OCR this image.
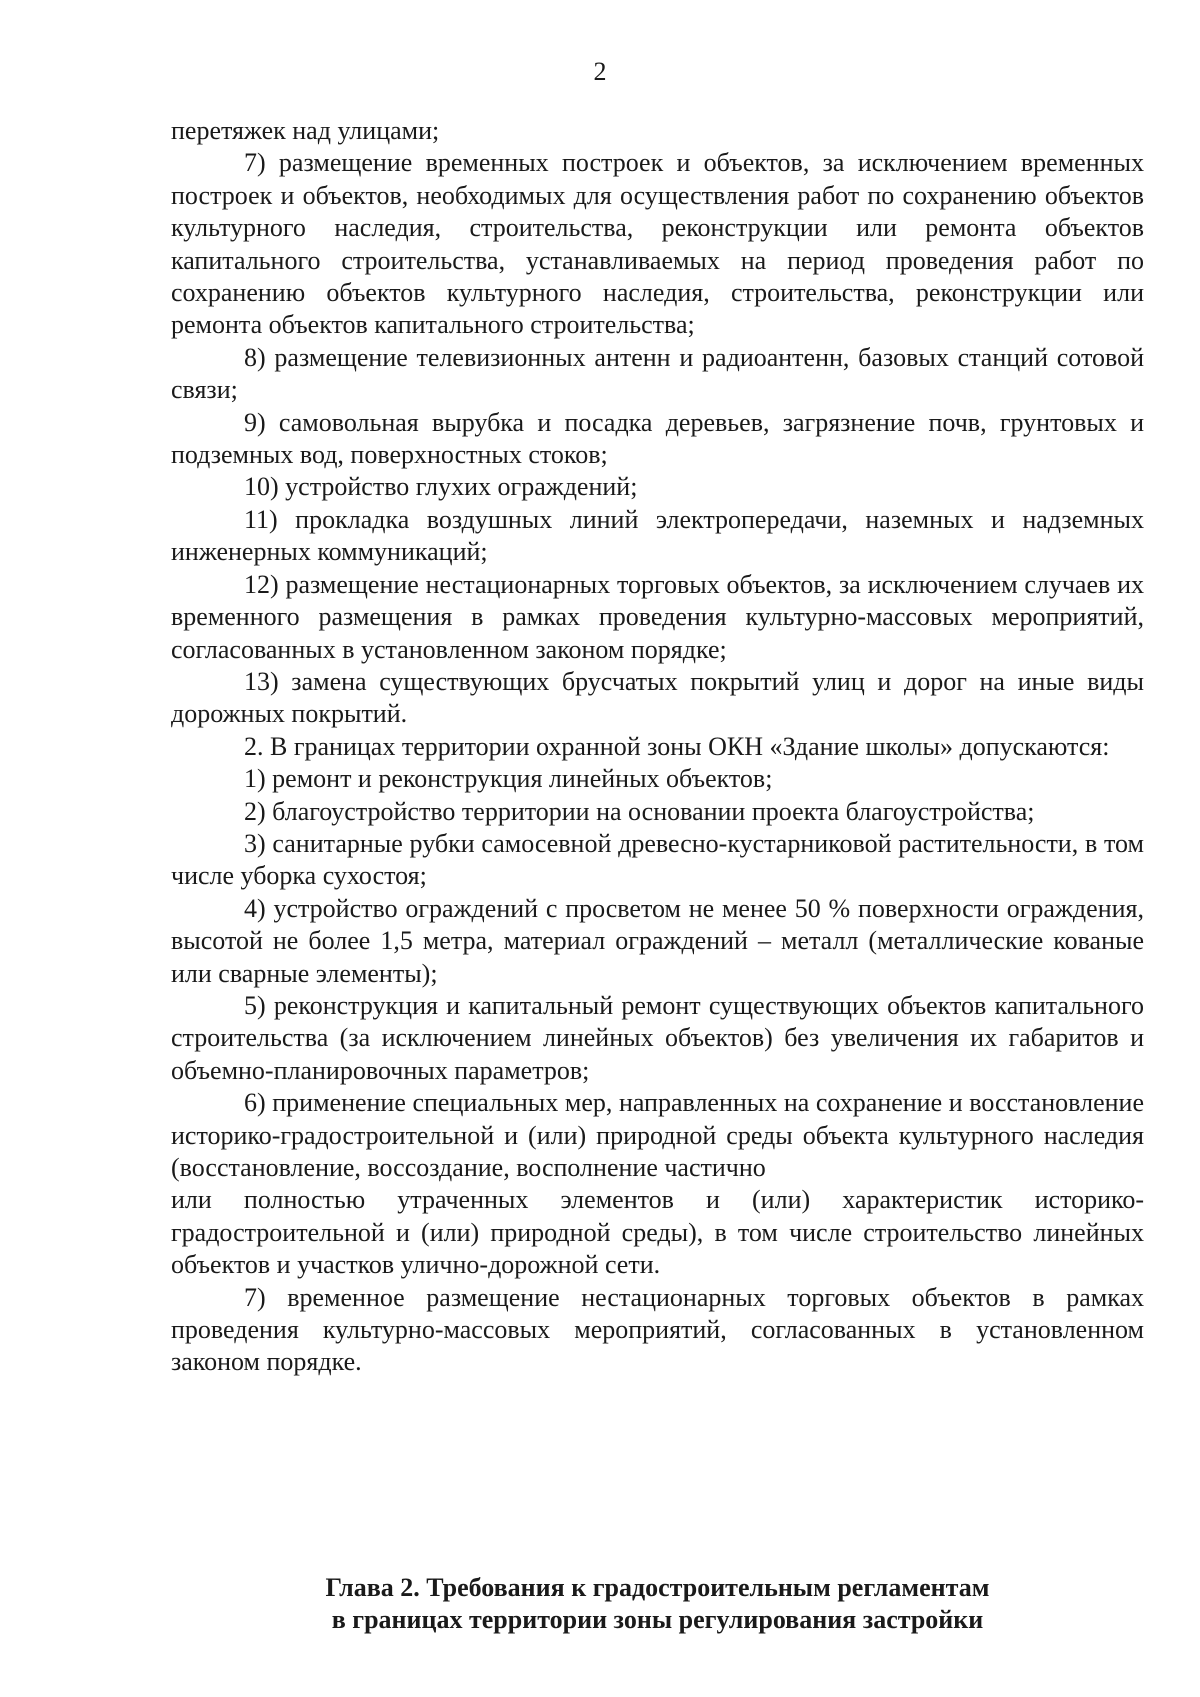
2

перетяжек над улицами;

7) размещение временных построек и объектов, за исключением временных построек и объектов, необходимых для осуществления работ по сохранению объектов культурного наследия, строительства, реконструкции или ремонта объектов капитального строительства, устанавливаемых на период проведения работ по сохранению объектов культурного наследия, строительства, реконструкции или ремонта объектов капитального строительства;

8) размещение телевизионных антенн и радиоантенн, базовых станций сотовой связи;

9) самовольная вырубка и посадка деревьев, загрязнение почв, грунтовых и подземных вод, поверхностных стоков;

10) устройство глухих ограждений;

11) прокладка воздушных линий электропередачи, наземных и надземных инженерных коммуникаций;

12) размещение нестационарных торговых объектов, за исключением случаев их временного размещения в рамках проведения культурно-массовых мероприятий, согласованных в установленном законом порядке;

13) замена существующих брусчатых покрытий улиц и дорог на иные виды дорожных покрытий.

2. В границах территории охранной зоны ОКН «Здание школы» допускаются:

1) ремонт и реконструкция линейных объектов;

2) благоустройство территории на основании проекта благоустройства;

3) санитарные рубки самосевной древесно-кустарниковой растительности, в том числе уборка сухостоя;

4) устройство ограждений с просветом не менее 50 % поверхности ограждения, высотой не более 1,5 метра, материал ограждений – металл (металлические кованые или сварные элементы);

5) реконструкция и капитальный ремонт существующих объектов капитального строительства (за исключением линейных объектов) без увеличения их габаритов и объемно-планировочных параметров;

6) применение специальных мер, направленных на сохранение и восстановление историко-градостроительной и (или) природной среды объекта культурного наследия (восстановление, воссоздание, восполнение частично

или полностью утраченных элементов и (или) характеристик историко-градостроительной и (или) природной среды), в том числе строительство линейных объектов и участков улично-дорожной сети.

7) временное размещение нестационарных торговых объектов в рамках проведения культурно-массовых мероприятий, согласованных в установленном законом порядке.

Глава 2. Требования к градостроительным регламентам
в границах территории зоны регулирования застройки
